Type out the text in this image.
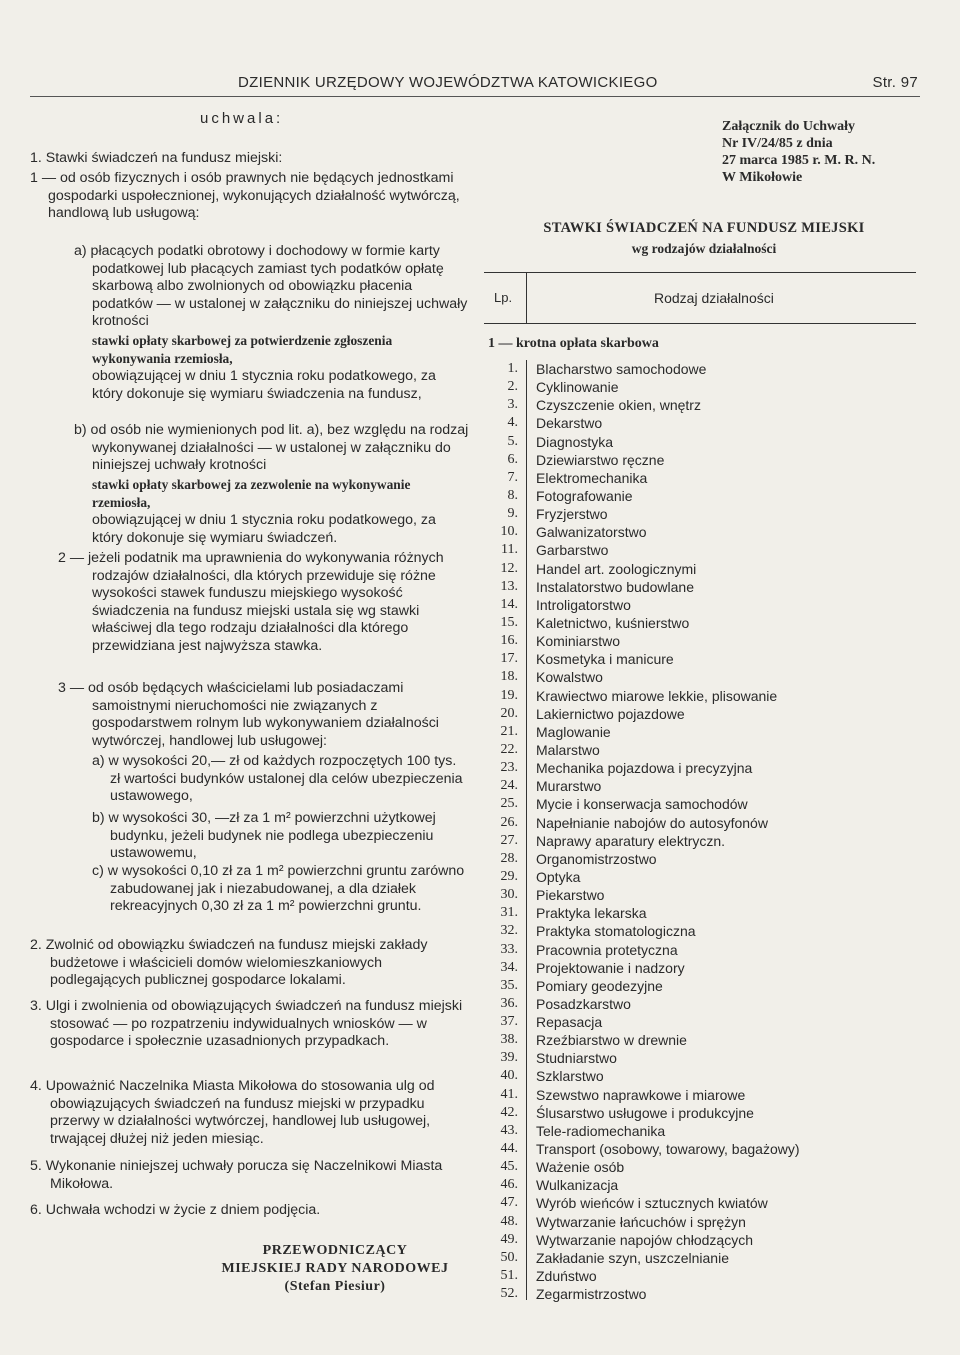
DZIENNIK URZĘDOWY WOJEWÓDZTWA KATOWICKIEGO	Str. 97
uchwala:

1. Stawki świadczeń na fundusz miejski:

1 — od osób fizycznych i osób prawnych nie będących jednostkami gospodarki uspołecznionej, wykonujących działalność wytwórczą, handlową lub usługową:

a) płacących podatki obrotowy i dochodowy w formie karty podatkowej lub płacących zamiast tych podatków opłatę skarbową albo zwolnionych od obowiązku płacenia podatków — w ustalonej w załączniku do niniejszej uchwały krotności

stawki opłaty skarbowej za potwierdzenie zgłoszenia wykonywania rzemiosła,

obowiązującej w dniu 1 stycznia roku podatkowego, za który dokonuje się wymiaru świadczenia na fundusz,

b) od osób nie wymienionych pod lit. a), bez względu na rodzaj wykonywanej działalności — w ustalonej w załączniku do niniejszej uchwały krotności

stawki opłaty skarbowej za zezwolenie na wykonywanie rzemiosła,

obowiązującej w dniu 1 stycznia roku podatkowego, za który dokonuje się wymiaru świadczeń.

2 — jeżeli podatnik ma uprawnienia do wykonywania różnych rodzajów działalności, dla których przewiduje się różne wysokości stawek funduszu miejskiego wysokość świadczenia na fundusz miejski ustala się wg stawki właściwej dla tego rodzaju działalności dla którego przewidziana jest najwyższa stawka.

3 — od osób będących właścicielami lub posiadaczami samoistnymi nieruchomości nie związanych z gospodarstwem rolnym lub wykonywaniem działalności wytwórczej, handlowej lub usługowej:

a) w wysokości 20,— zł od każdych rozpoczętych 100 tys. zł wartości budynków ustalonej dla celów ubezpieczenia ustawowego,

b) w wysokości 30, —zł za 1 m² powierzchni użytkowej budynku, jeżeli budynek nie podlega ubezpieczeniu ustawowemu,

c) w wysokości 0,10 zł za 1 m² powierzchni gruntu zarówno zabudowanej jak i niezabudowanej, a dla działek rekreacyjnych 0,30 zł za 1 m² powierzchni gruntu.

2. Zwolnić od obowiązku świadczeń na fundusz miejski zakłady budżetowe i właścicieli domów wielomieszkaniowych podlegających publicznej gospodarce lokalami.

3. Ulgi i zwolnienia od obowiązujących świadczeń na fundusz miejski stosować — po rozpatrzeniu indywidualnych wniosków — w gospodarce i społecznie uzasadnionych przypadkach.

4. Upoważnić Naczelnika Miasta Mikołowa do stosowania ulg od obowiązujących świadczeń na fundusz miejski w przypadku przerwy w działalności wytwórczej, handlowej lub usługowej, trwającej dłużej niż jeden miesiąc.

5. Wykonanie niniejszej uchwały porucza się Naczelnikowi Miasta Mikołowa.

6. Uchwała wchodzi w życie z dniem podjęcia.

PRZEWODNICZĄCY
MIEJSKIEJ RADY NARODOWEJ
(Stefan Piesiur)
Załącznik do Uchwały
Nr IV/24/85 z dnia
27 marca 1985 r. M. R. N.
W Mikołowie
STAWKI ŚWIADCZEŃ NA FUNDUSZ MIEJSKI
wg rodzajów działalności
Lp.	Rodzaj działalności
1 — krotna opłata skarbowa
1. Blacharstwo samochodowe
2. Cyklinowanie
3. Czyszczenie okien, wnętrz
4. Dekarstwo
5. Diagnostyka
6. Dziewiarstwo ręczne
7. Elektromechanika
8. Fotografowanie
9. Fryzjerstwo
10. Galwanizatorstwo
11. Garbarstwo
12. Handel art. zoologicznymi
13. Instalatorstwo budowlane
14. Introligatorstwo
15. Kaletnictwo, kuśnierstwo
16. Kominiarstwo
17. Kosmetyka i manicure
18. Kowalstwo
19. Krawiectwo miarowe lekkie, plisowanie
20. Lakiernictwo pojazdowe
21. Maglowanie
22. Malarstwo
23. Mechanika pojazdowa i precyzyjna
24. Murarstwo
25. Mycie i konserwacja samochodów
26. Napełnianie nabojów do autosyfonów
27. Naprawy aparatury elektryczn.
28. Organomistrzostwo
29. Optyka
30. Piekarstwo
31. Praktyka lekarska
32. Praktyka stomatologiczna
33. Pracownia protetyczna
34. Projektowanie i nadzory
35. Pomiary geodezyjne
36. Posadzkarstwo
37. Repasacja
38. Rzeźbiarstwo w drewnie
39. Studniarstwo
40. Szklarstwo
41. Szewstwo naprawkowe i miarowe
42. Ślusarstwo usługowe i produkcyjne
43. Tele-radiomechanika
44. Transport (osobowy, towarowy, bagażowy)
45. Ważenie osób
46. Wulkanizacja
47. Wyrób wieńców i sztucznych kwiatów
48. Wytwarzanie łańcuchów i sprężyn
49. Wytwarzanie napojów chłodzących
50. Zakładanie szyn, uszczelnianie
51. Zduństwo
52. Zegarmistrzostwo
